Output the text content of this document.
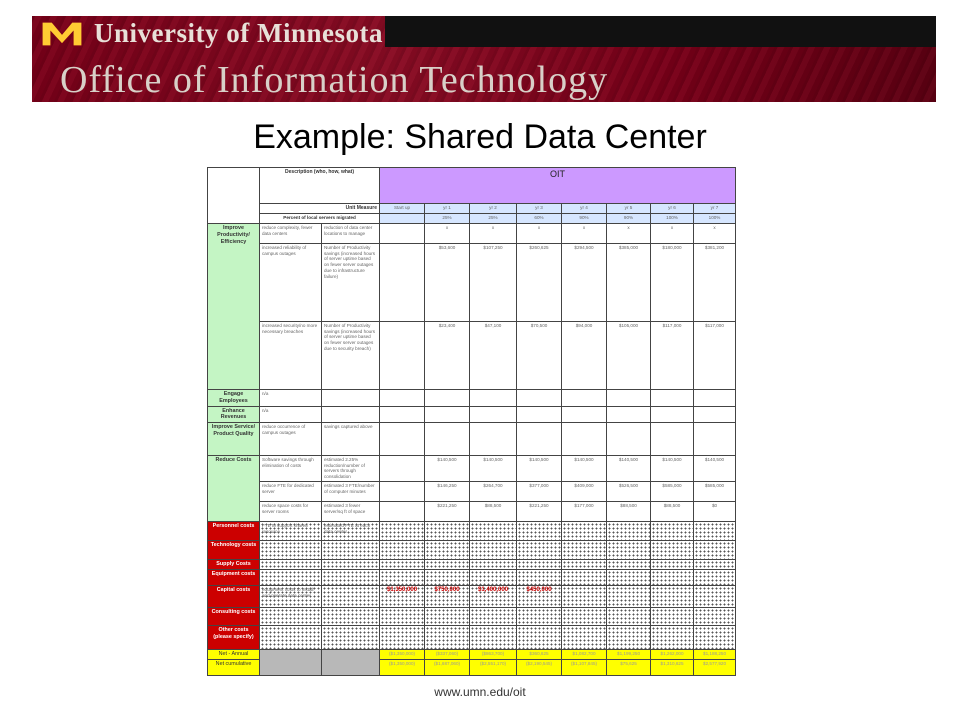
University of Minnesota
Office of Information Technology
Example: Shared Data Center
	Description (who, how, what)		OIT								
	Unit Measure		Start up	yr 1	yr 2	yr 3	yr 4	yr 5	yr 6	yr 7	
	Percent of local servers migrated			25%	25%	60%	90%	90%	100%	100%	
Improve Productivity/ Efficiency	reduce complexity, fewer data centers	reduction of data center locations to manage		x	x	x	x	x	x	x	
	increased reliability of campus outages	Number of Productivity savings (increased hours of server uptime based on fewer server outages due to infrastructure failure)		$53,600	$107,250	$260,625	$294,500	$385,000	$180,000	$381,200	
	increased security/no more necessary breaches	Number of Productivity savings (increased hours of server uptime based on fewer server outages due to security breach)		$23,400	$47,100	$70,500	$94,000	$105,000	$117,000	$117,000	
Engage Employees	n/a										
Enhance Revenues	n/a										
Improve Service/ Product Quality	reduce occurrence of campus outages	savings captured above									
Reduce Costs	Software savings through elimination of costs	estimated 2.25% reduction/number of servers through consolidation		$140,500	$140,500	$140,500	$140,500	$140,500	$140,500	$140,500	
	reduce FTE for dedicated server	estimated 3 FTE/number of computer minutes		$146,250	$264,700	$377,000	$409,000	$526,500	$585,000	$585,000	
	reduce space costs for server rooms	estimated 3 fewer server/sq ft of space		$221,250	$88,500	$221,250	$177,000	$88,500	$88,500	$0	
Personnel costs	FTE to support shared resource	estimated FTE at each data center									
Technology costs											
Supply Costs											
Equipment costs											
Capital costs	equipment costs to install and operate data center		$1,350,000	$750,000	$1,400,000	$450,000					
Consulting costs											
Other costs (please specify)											
Net - Annual			($1,350,000)	($337,060)	($863,700)	$360,625	$1,082,700	$1,199,250	$1,262,000	$1,188,250	
Net cumulative			($1,350,000)	($1,687,060)	($2,551,170)	($2,190,545)	($1,107,845)	$75,625	$1,310,625	$2,577,920	
www.umn.edu/oit
